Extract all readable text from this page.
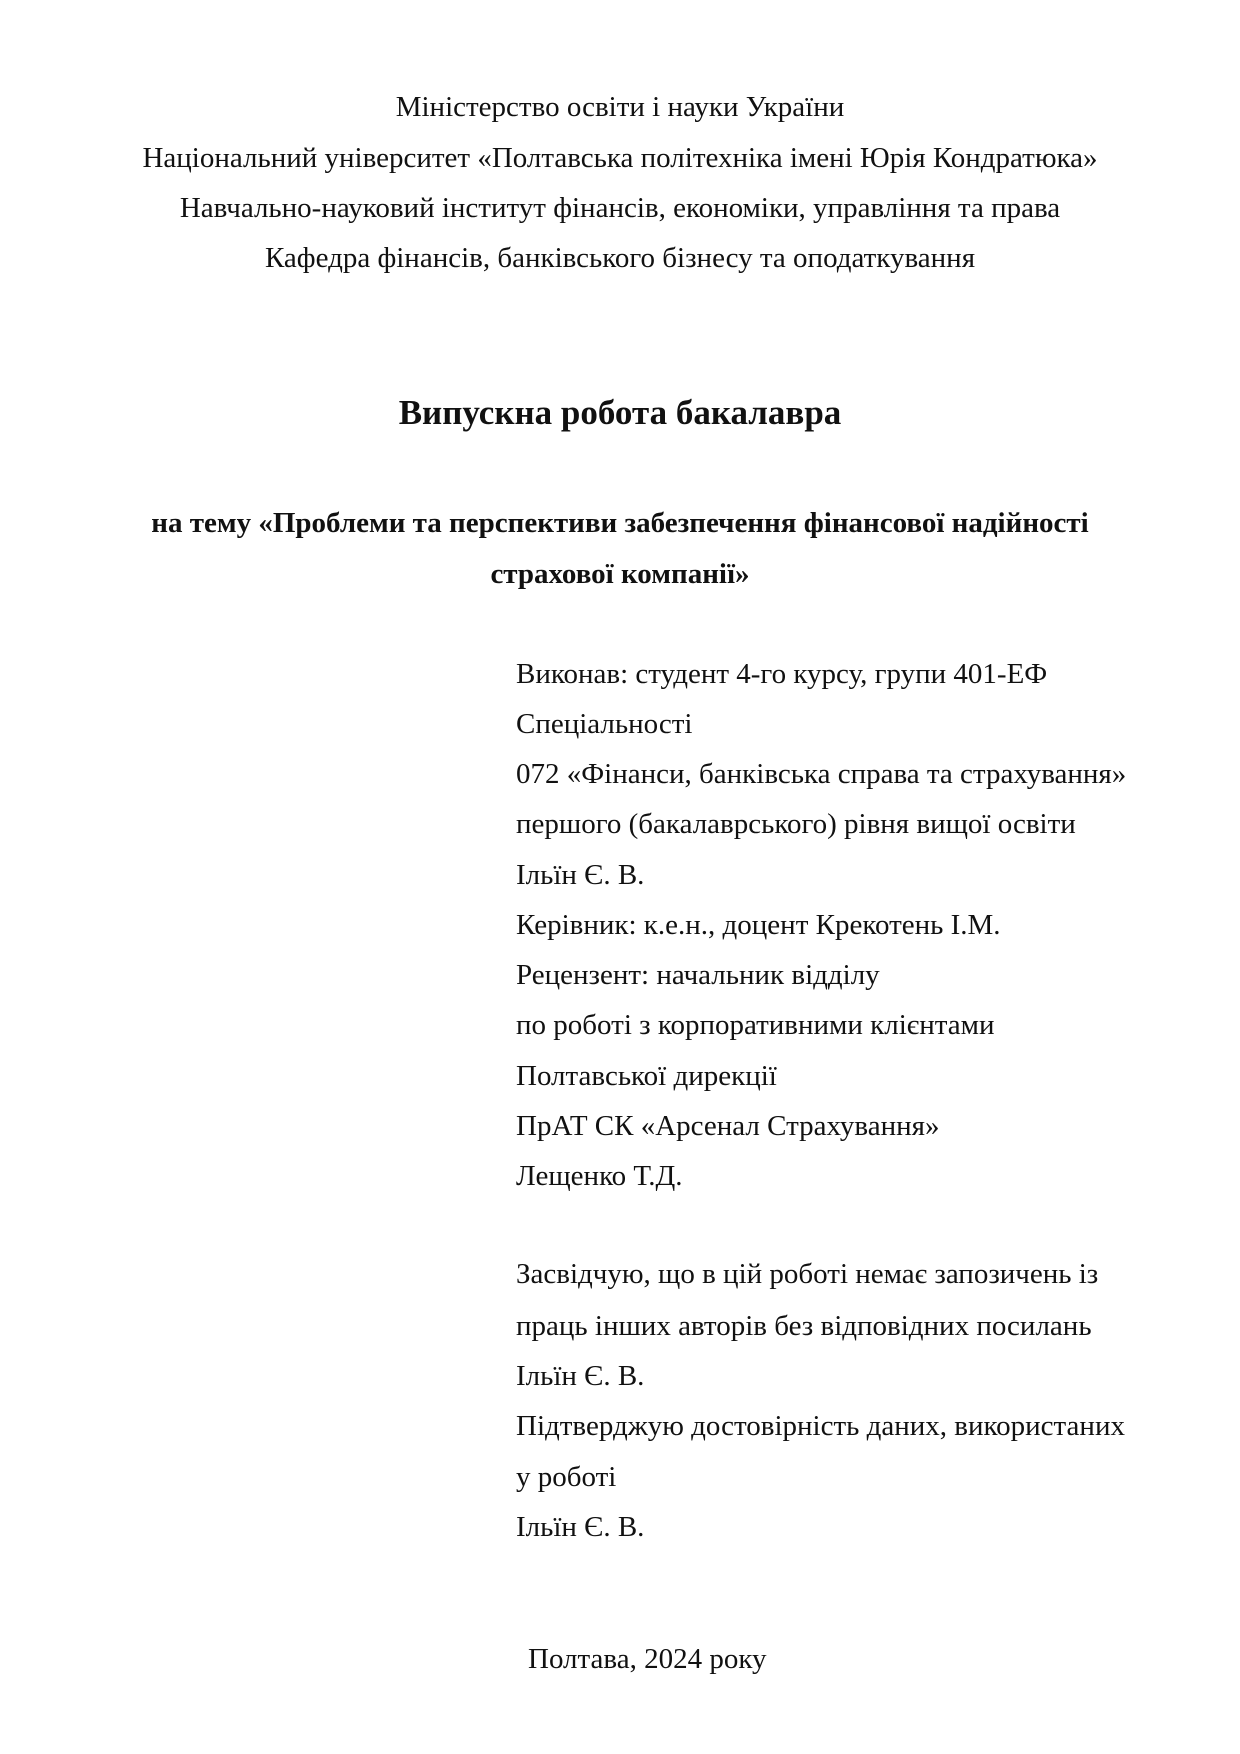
Міністерство освіти і науки України
Національний університет «Полтавська політехніка імені Юрія Кондратюка»
Навчально-науковий інститут фінансів, економіки, управління та права
Кафедра фінансів, банківського бізнесу та оподаткування
Випускна робота бакалавра
на тему «Проблеми та перспективи забезпечення фінансової надійності
страхової компанії»
Виконав: студент 4-го курсу, групи 401-ЕФ
Спеціальності
072 «Фінанси, банківська справа та страхування»
першого (бакалаврського) рівня вищої освіти
Ільїн Є. В.
Керівник: к.е.н., доцент Крекотень І.М.
Рецензент: начальник відділу
по роботі з корпоративними клієнтами
Полтавської дирекції
ПрАТ СК «Арсенал Страхування»
Лещенко Т.Д.
Засвідчую, що в цій роботі немає запозичень із
праць інших авторів без відповідних посилань
Ільїн Є. В.
Підтверджую достовірність даних, використаних
у роботі
Ільїн Є. В.
Полтава, 2024 року
